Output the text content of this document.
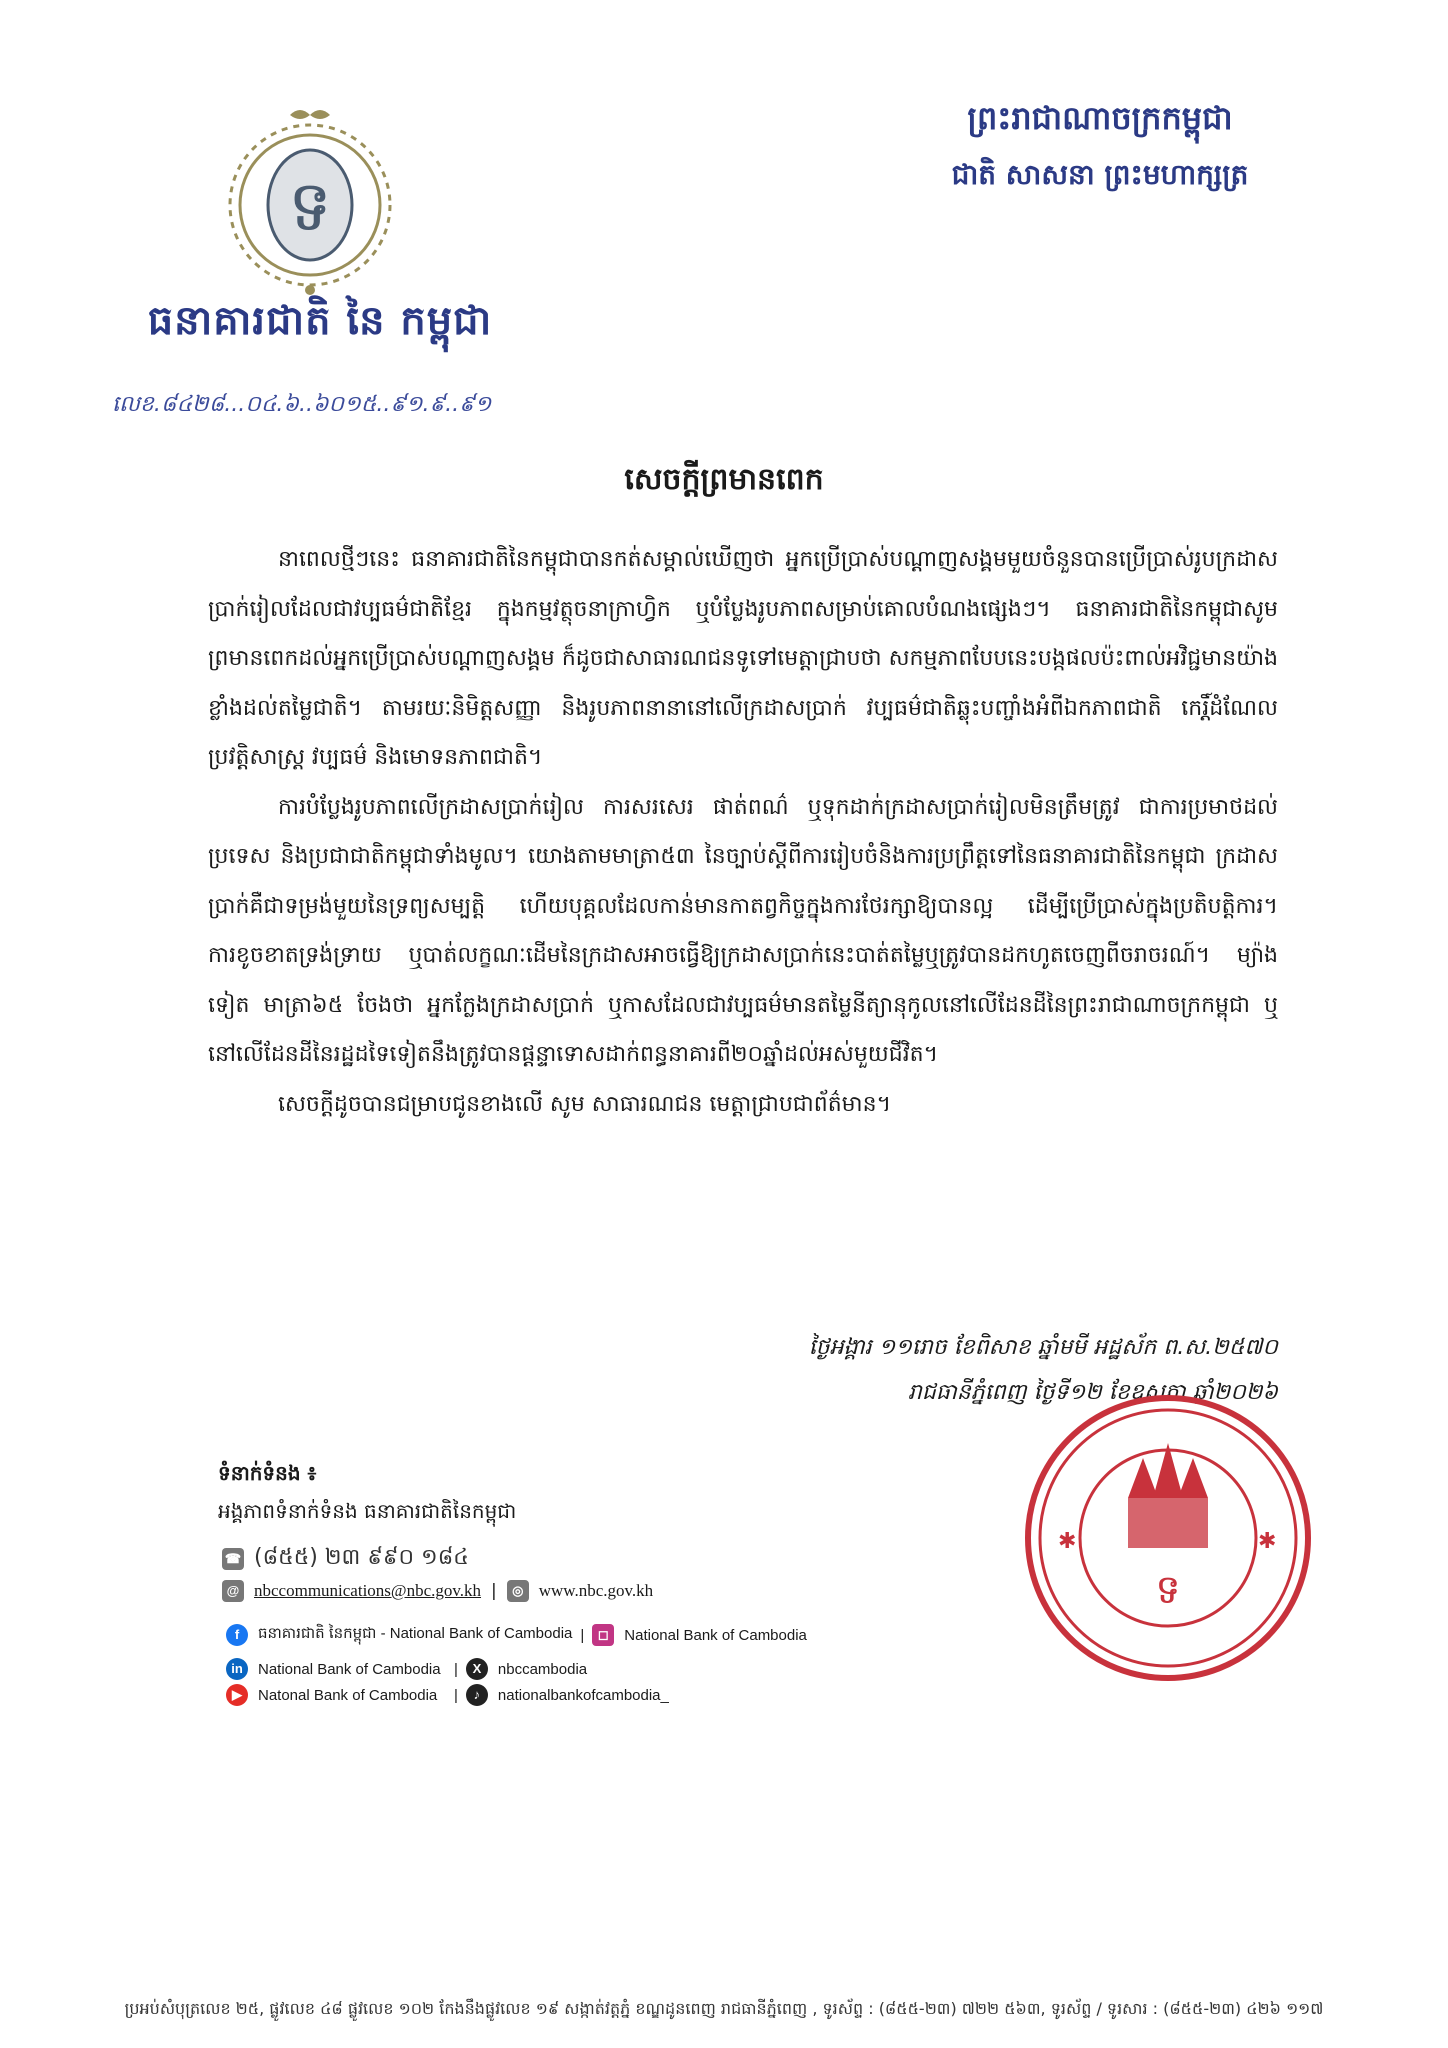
ទ
ធនាគារជាតិ នៃ កម្ពុជា
លេខ.៨៤២៨...០៤.៦..៦០១៥..៩១.៩..៩១
ព្រះរាជាណាចក្រកម្ពុជា
ជាតិ សាសនា ព្រះមហាក្សត្រ
សេចក្តីព្រមានពេក

នាពេលថ្មីៗនេះ ធនាគារជាតិនៃកម្ពុជាបានកត់សម្គាល់ឃើញថា អ្នកប្រើប្រាស់បណ្តាញសង្គមមួយចំនួនបានប្រើប្រាស់រូបក្រដាសប្រាក់រៀលដែលជាវប្បធម៌ជាតិខ្មែរ ក្នុងកម្មវត្ថុចនាក្រាហ្វិក ឬបំប្លែងរូបភាពសម្រាប់គោលបំណងផ្សេងៗ។ ធនាគារជាតិនៃកម្ពុជាសូមព្រមានពេកដល់អ្នកប្រើប្រាស់បណ្តាញសង្គម ក៏ដូចជាសាធារណជនទូទៅមេត្តាជ្រាបថា សកម្មភាពបែបនេះបង្កផលប៉ះពាល់អវិជ្ជមានយ៉ាងខ្លាំងដល់តម្លៃជាតិ។ តាមរយៈនិមិត្តសញ្ញា និងរូបភាពនានានៅលើក្រដាសប្រាក់ វប្បធម៌ជាតិឆ្លុះបញ្ចាំងអំពីឯកភាពជាតិ កេរ្តិ៍ដំណែលប្រវត្តិសាស្ត្រ វប្បធម៌ និងមោទនភាពជាតិ។

ការបំប្លែងរូបភាពលើក្រដាសប្រាក់រៀល ការសរសេរ ផាត់ពណ៌ ឬទុកដាក់ក្រដាសប្រាក់រៀលមិនត្រឹមត្រូវ ជាការប្រមាថដល់ប្រទេស និងប្រជាជាតិកម្ពុជាទាំងមូល។ យោងតាមមាត្រា៥៣ នៃច្បាប់ស្តីពីការរៀបចំនិងការប្រព្រឹត្តទៅនៃធនាគារជាតិនៃកម្ពុជា ក្រដាសប្រាក់គឺជាទម្រង់មួយនៃទ្រព្យសម្បត្តិ ហើយបុគ្គលដែលកាន់មានកាតព្វកិច្ចក្នុងការថែរក្សាឱ្យបានល្អ ដើម្បីប្រើប្រាស់ក្នុងប្រតិបត្តិការ។ ការខូចខាតទ្រង់ទ្រាយ ឬបាត់លក្ខណៈដើមនៃក្រដាសអាចធ្វើឱ្យក្រដាសប្រាក់នេះបាត់តម្លៃឬត្រូវបានដកហូតចេញពីចរាចរណ៍។ ម្យ៉ាងទៀត មាត្រា៦៥ ចែងថា អ្នកក្លែងក្រដាសប្រាក់ ឬកាសដែលជាវប្បធម៌មានតម្លៃនីត្យានុកូលនៅលើដែនដីនៃព្រះរាជាណាចក្រកម្ពុជា ឬនៅលើដែនដីនៃរដ្ឋដទៃទៀតនឹងត្រូវបានផ្តន្ទាទោសដាក់ពន្ធនាគារពី២០ឆ្នាំដល់អស់មួយជីវិត។

សេចក្តីដូចបានជម្រាបជូនខាងលើ សូម សាធារណជន មេត្តាជ្រាបជាព័ត៌មាន។

ថ្ងៃអង្គារ ១១រោច ខែពិសាខ ឆ្នាំមមី អដ្ឋស័ក ព.ស.២៥៧០
រាជធានីភ្នំពេញ ថ្ងៃទី១២ ខែឧសភា ឆ្នាំ២០២៦
ទ
✱	✱
ទំនាក់ទំនង ៖
អង្គភាពទំនាក់ទំនង ធនាគារជាតិនៃកម្ពុជា
☎ (៨៥៥) ២៣ ៩៩០ ១៨៤
@ nbccommunications@nbc.gov.kh |	◎ www.nbc.gov.kh
f	ធនាគារជាតិ នៃកម្ពុជា - National Bank of Cambodia |	◻	National Bank of Cambodia
in	National Bank of Cambodia |	X	nbccambodia
▶	Natonal Bank of Cambodia	|	♪	nationalbankofcambodia_
ប្រអប់សំបុត្រលេខ ២៥, ផ្លូវលេខ ៤៨ ផ្លូវលេខ ១០២ កែងនឹងផ្លូវលេខ ១៩ សង្កាត់វត្តភ្នំ ខណ្ឌដូនពេញ រាជធានីភ្នំពេញ , ទូរស័ព្ទ : (៨៥៥-២៣) ៧២២ ៥៦៣, ទូរស័ព្ទ / ទូរសារ : (៨៥៥-២៣) ៤២៦ ១១៧
